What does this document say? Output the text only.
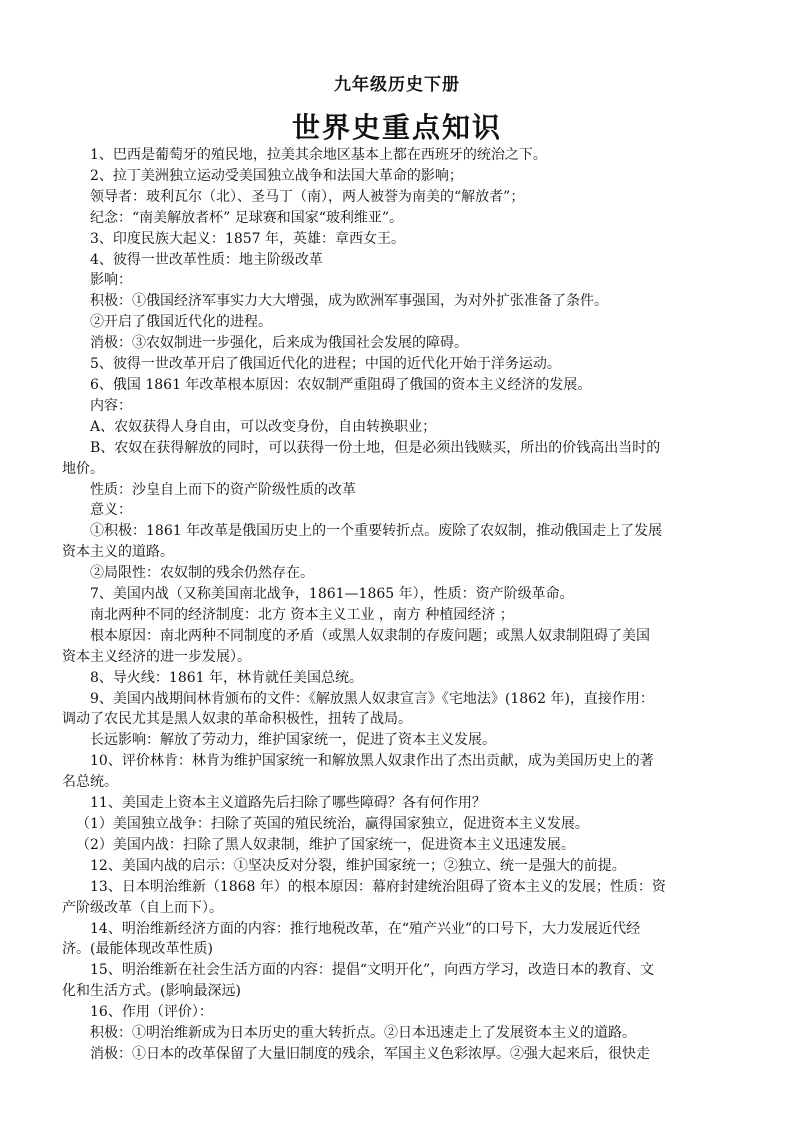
九年级历史下册
世界史重点知识
1、巴西是葡萄牙的殖民地，拉美其余地区基本上都在西班牙的统治之下。
2、拉丁美洲独立运动受美国独立战争和法国大革命的影响；
领导者：玻利瓦尔（北）、圣马丁（南），两人被誉为南美的“解放者”；
纪念：“南美解放者杯” 足球赛和国家“玻利维亚”。
3、印度民族大起义：1857 年，英雄：章西女王。
4、彼得一世改革性质：地主阶级改革
影响：
积极：①俄国经济军事实力大大增强，成为欧洲军事强国，为对外扩张准备了条件。
②开启了俄国近代化的进程。
消极：③农奴制进一步强化，后来成为俄国社会发展的障碍。
5、彼得一世改革开启了俄国近代化的进程；中国的近代化开始于洋务运动。
6、俄国 1861 年改革根本原因：农奴制严重阻碍了俄国的资本主义经济的发展。
内容：
A、农奴获得人身自由，可以改变身份，自由转换职业；
B、农奴在获得解放的同时，可以获得一份土地，但是必须出钱赎买，所出的价钱高出当时的
地价。
性质：沙皇自上而下的资产阶级性质的改革
意义：
①积极：1861 年改革是俄国历史上的一个重要转折点。废除了农奴制，推动俄国走上了发展
资本主义的道路。
②局限性：农奴制的残余仍然存在。
7、美国内战（又称美国南北战争，1861—1865 年），性质：资产阶级革命。
南北两种不同的经济制度：北方 资本主义工业 ，南方 种植园经济 ；
根本原因：南北两种不同制度的矛盾（或黑人奴隶制的存废问题；或黑人奴隶制阻碍了美国
资本主义经济的进一步发展）。
8、导火线：1861 年，林肯就任美国总统。
9、美国内战期间林肯颁布的文件：《解放黑人奴隶宣言》《宅地法》(1862 年)，直接作用：
调动了农民尤其是黑人奴隶的革命积极性，扭转了战局。
长远影响：解放了劳动力，维护国家统一，促进了资本主义发展。
10、评价林肯：林肯为维护国家统一和解放黑人奴隶作出了杰出贡献，成为美国历史上的著
名总统。
11、美国走上资本主义道路先后扫除了哪些障碍？各有何作用？
（1）美国独立战争：扫除了英国的殖民统治，赢得国家独立，促进资本主义发展。
（2）美国内战：扫除了黑人奴隶制，维护了国家统一，促进资本主义迅速发展。
12、美国内战的启示：①坚决反对分裂，维护国家统一；②独立、统一是强大的前提。
13、日本明治维新（1868 年）的根本原因：幕府封建统治阻碍了资本主义的发展；性质：资
产阶级改革（自上而下）。
14、明治维新经济方面的内容：推行地税改革，在“殖产兴业”的口号下，大力发展近代经
济。(最能体现改革性质)
15、明治维新在社会生活方面的内容：提倡“文明开化”，向西方学习，改造日本的教育、文
化和生活方式。(影响最深远)
16、作用（评价）：
积极：①明治维新成为日本历史的重大转折点。②日本迅速走上了发展资本主义的道路。
消极：①日本的改革保留了大量旧制度的残余，军国主义色彩浓厚。②强大起来后，很快走
